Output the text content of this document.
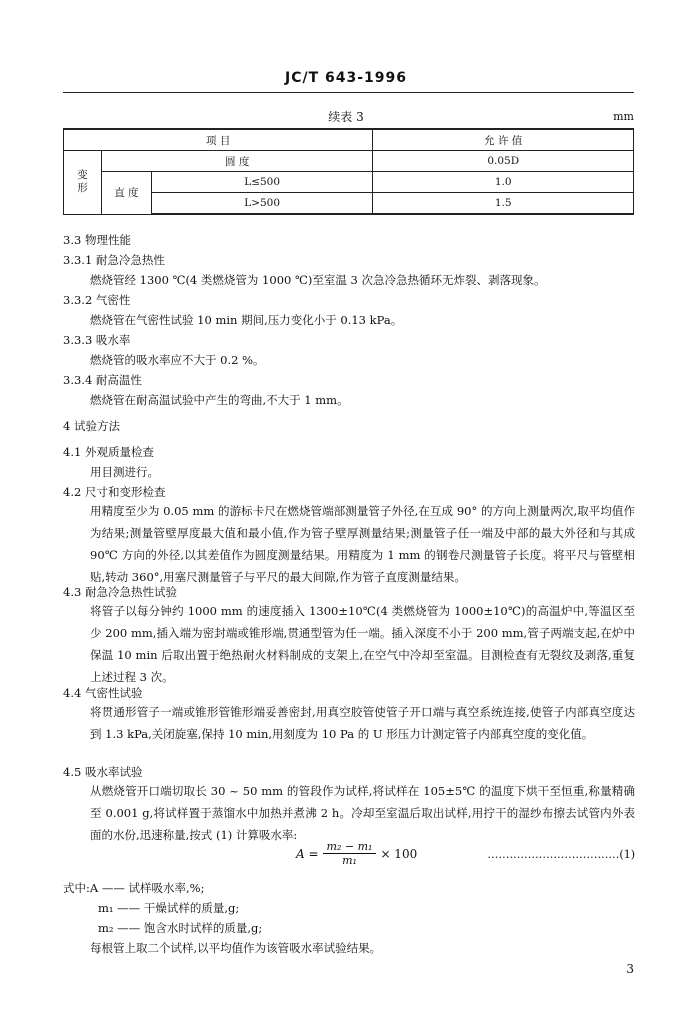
JC/T 643-1996
续表 3	mm
项 目			允 许 值
变
形	圆 度		0.05D
	直 度	L≤500	1.0
		L>500	1.5
3.3 物理性能
3.3.1 耐急冷急热性
燃烧管经 1300 ℃(4 类燃烧管为 1000 ℃)至室温 3 次急冷急热循环无炸裂、剥落现象。
3.3.2 气密性
燃烧管在气密性试验 10 min 期间,压力变化小于 0.13 kPa。
3.3.3 吸水率
燃烧管的吸水率应不大于 0.2 %。
3.3.4 耐高温性
燃烧管在耐高温试验中产生的弯曲,不大于 1 mm。
4 试验方法
4.1 外观质量检查
用目测进行。
4.2 尺寸和变形检查
用精度至少为 0.05 mm 的游标卡尺在燃烧管端部测量管子外径,在互成 90° 的方向上测量两次,取平均值作为结果;测量管壁厚度最大值和最小值,作为管子壁厚测量结果;测量管子任一端及中部的最大外径和与其成 90℃ 方向的外径,以其差值作为圆度测量结果。用精度为 1 mm 的钢卷尺测量管子长度。将平尺与管壁相贴,转动 360°,用塞尺测量管子与平尺的最大间隙,作为管子直度测量结果。
4.3 耐急冷急热性试验
将管子以每分钟约 1000 mm 的速度插入 1300±10℃(4 类燃烧管为 1000±10℃)的高温炉中,等温区至少 200 mm,插入端为密封端或锥形端,贯通型管为任一端。插入深度不小于 200 mm,管子两端支起,在炉中保温 10 min 后取出置于绝热耐火材料制成的支架上,在空气中冷却至室温。目测检查有无裂纹及剥落,重复上述过程 3 次。
4.4 气密性试验
将贯通形管子一端或锥形管锥形端妥善密封,用真空胶管使管子开口端与真空系统连接,使管子内部真空度达到 1.3 kPa,关闭旋塞,保持 10 min,用刻度为 10 Pa 的 U 形压力计测定管子内部真空度的变化值。
4.5 吸水率试验
从燃烧管开口端切取长 30 ~ 50 mm 的管段作为试样,将试样在 105±5℃ 的温度下烘干至恒重,称量精确至 0.001 g,将试样置于蒸馏水中加热并煮沸 2 h。冷却至室温后取出试样,用拧干的湿纱布擦去试管内外表面的水份,迅速称量,按式 (1) 计算吸水率:
$A = \frac{\text{m₂ − m₁}}{\text{m₁}} \times 100$	………………………………(1)
式中:A —— 试样吸水率,%;
m₁ —— 干燥试样的质量,g;
m₂ —— 饱含水时试样的质量,g;
每根管上取二个试样,以平均值作为该管吸水率试验结果。
3
